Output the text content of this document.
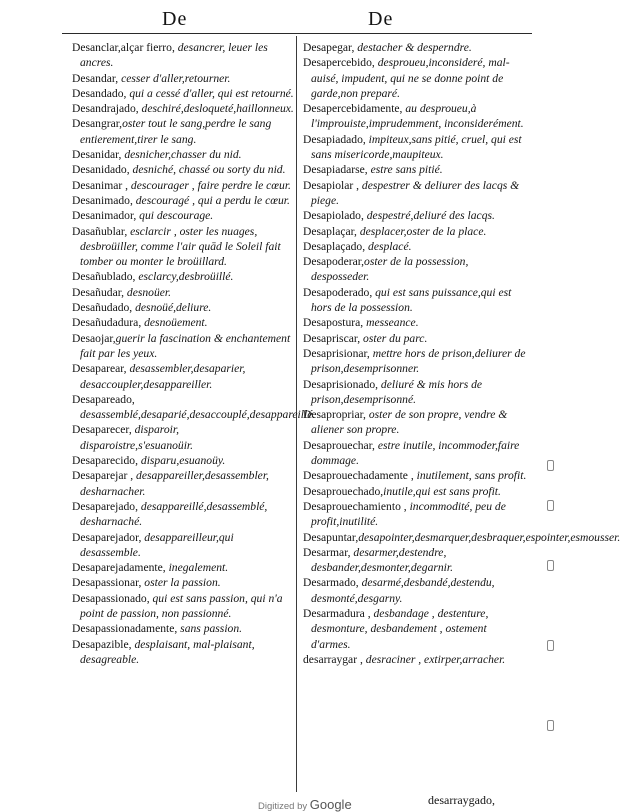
De	De

Desanclar,alçar fierro, desancrer, leuer les ancres.

Desandar, cesser d'aller,retourner.

Desandado, qui a cessé d'aller, qui est retourné.

Desandrajado, deschiré,desloqueté,haillonneux.

Desangrar,oster tout le sang,perdre le sang entierement,tirer le sang.

Desanidar, desnicher,chasser du nid.

Desanidado, desniché, chassé ou sorty du nid.

Desanimar , descourager , faire perdre le cœur.

Desanimado, descouragé , qui a perdu le cœur.

Desanimador, qui descourage.

Dasañublar, esclarcir , oster les nuages, desbroüiller, comme l'air quād le Soleil fait tomber ou monter le broüillard.

Desañublado, esclarcy,desbroüillé.

Desañudar, desnoüer.

Desañudado, desnoüé,deliure.

Desañudadura, desnoüement.

Desaojar,guerir la fascination & enchantement fait par les yeux.

Desaparear, desassembler,desaparier, desaccoupler,desappareiller.

Desapareado, desassemblé,desaparié,desaccouplé,desappareillé.

Desaparecer, disparoir, disparoistre,s'esuanoüir.

Desaparecido, disparu,esuanoüy.

Desaparejar , desappareiller,desassembler, desharnacher.

Desaparejado, desappareillé,desassemblé, desharnaché.

Desaparejador, desappareilleur,qui desassemble.

Desaparejadamente, inegalement.

Desapassionar, oster la passion.

Desapassionado, qui est sans passion, qui n'a point de passion, non passionné.

Desapassionadamente, sans passion.

Desapazible, desplaisant, mal-plaisant, desagreable.

Desapegar, destacher & desperndre.

Desapercebido, desproueu,inconsideré, mal-auisé, impudent, qui ne se donne point de garde,non preparé.

Desapercebidamente, au desproueu,à l'improuiste,imprudemment, inconsiderément.

Desapiadado, impiteux,sans pitié, cruel, qui est sans misericorde,maupiteux.

Desapiadarse, estre sans pitié.

Desapiolar , despestrer & deliurer des lacqs & piege.

Desapiolado, despestré,deliuré des lacqs.

Desaplaçar, desplacer,oster de la place.

Desaplaçado, desplacé.

Desapoderar,oster de la possession, desposseder.

Desapoderado, qui est sans puissance,qui est hors de la possession.

Desapostura, messeance.

Desapriscar, oster du parc.

Desaprisionar, mettre hors de prison,deliurer de prison,desemprisonner.

Desaprisionado, deliuré & mis hors de prison,desemprisonné.

Desapropriar, oster de son propre, vendre & aliener son propre.

Desaprouechar, estre inutile, incommoder,faire dommage.

Desaprouechadamente , inutilement, sans profit.

Desaprouechado,inutile,qui est sans profit.

Desaprouechamiento , incommodité, peu de profit,inutilité.

Desapuntar,desapointer,desmarquer,desbraquer,espointer,esmousser.

Desarmar, desarmer,destendre, desbander,desmonter,degarnir.

Desarmado, desarmé,desbandé,destendu, desmonté,desgarny.

Desarmadura , desbandage , destenture, desmonture, desbandement , ostement d'armes.

desarraygar , desraciner , extirper,arracher.

desarraygado,
Digitized by Google
